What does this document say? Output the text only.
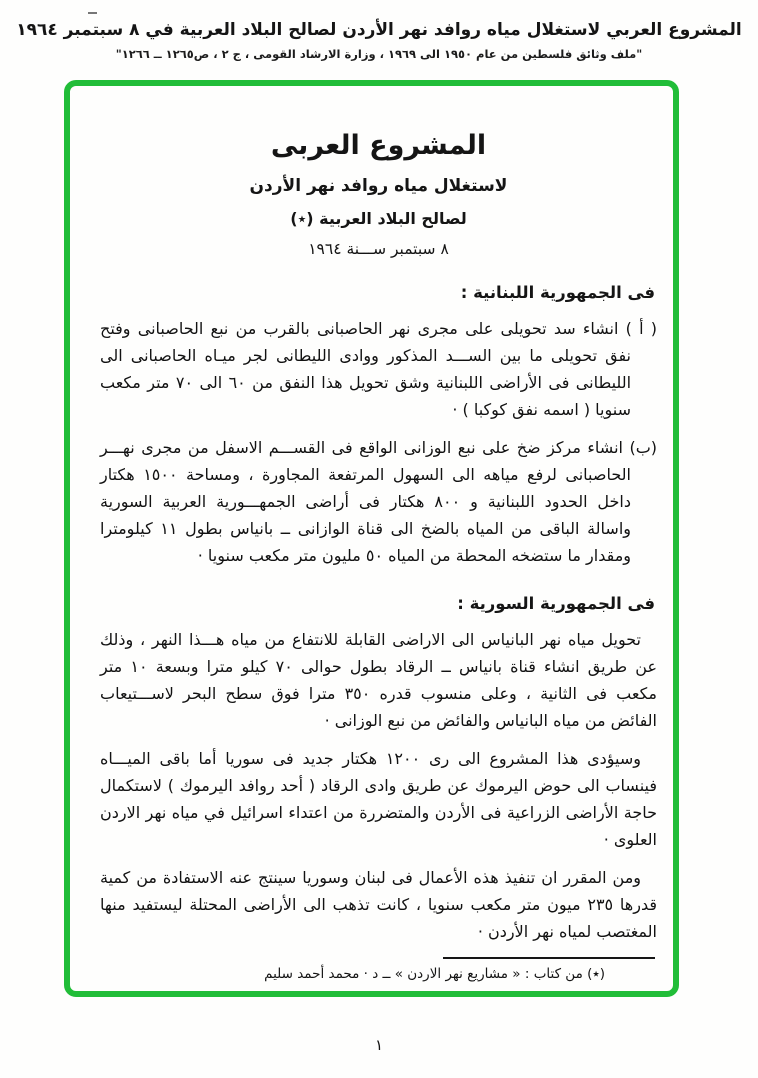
المشروع العربي لاستغلال مياه روافد نهر الأردن لصالح البلاد العربية في ٨ سبتمبر ١٩٦٤
"ملف وثائق فلسطين من عام ١٩٥٠ الى ١٩٦٩ ، وزارة الارشاد القومى ، ج ٢ ، ص١٢٦٥ ــ ١٢٦٦"
المشروع العربى
لاستغلال مياه روافد نهر الأردن
لصالح البلاد العربية (٭)
٨ سبتمبر ســـنة ١٩٦٤
فى الجمهورية اللبنانية :

( أ ) انشاء سد تحويلى على مجرى نهر الحاصبانى بالقرب من نبع الحاصبانى وفتح نفق تحويلى ما بين الســـد المذكور ووادى الليطانى لجر ميـاه الحاصبانى الى الليطانى فى الأراضى اللبنانية وشق تحويل هذا النفق من ٦٠ الى ٧٠ متر مكعب سنويا ( اسمه نفق كوكبا ) ·

(ب) انشاء مركز ضخ على نبع الوزانى الواقع فى القســـم الاسفل من مجرى نهـــر الحاصبانى لرفع مياهه الى السهول المرتفعة المجاورة ، ومساحة ١٥٠٠ هكتار داخل الحدود اللبنانية و ٨٠٠ هكتار فى أراضى الجمهـــورية العربية السورية واسالة الباقى من المياه بالضخ الى قناة الوازانى ــ بانياس بطول ١١ كيلومترا ومقدار ما ستضخه المحطة من المياه ٥٠ مليون متر مكعب سنويا ·

فى الجمهورية السورية :

تحويل مياه نهر البانياس الى الاراضى القابلة للانتفاع من مياه هـــذا النهر ، وذلك عن طريق انشاء قناة بانياس ــ الرقاد بطول حوالى ٧٠ كيلو مترا وبسعة ١٠ متر مكعب فى الثانية ، وعلى منسوب قدره ٣٥٠ مترا فوق سطح البحر لاســـتيعاب الفائض من مياه البانياس والفائض من نبع الوزانى ·

وسيؤدى هذا المشروع الى رى ١٢٠٠ هكتار جديد فى سوريا أما باقى الميـــاه فينساب الى حوض اليرموك عن طريق وادى الرقاد ( أحد روافد اليرموك ) لاستكمال حاجة الأراضى الزراعية فى الأردن والمتضررة من اعتداء اسرائيل في مياه نهر الاردن العلوى ·

ومن المقرر ان تنفيذ هذه الأعمال فى لبنان وسوريا سينتج عنه الاستفادة من كمية قدرها ٢٣٥ ميون متر مكعب سنويا ، كانت تذهب الى الأراضى المحتلة ليستفيد منها المغتصب لمياه نهر الأردن ·

(٭) من كتاب : « مشاريع نهر الاردن » ــ د · محمد أحمد سليم
١
